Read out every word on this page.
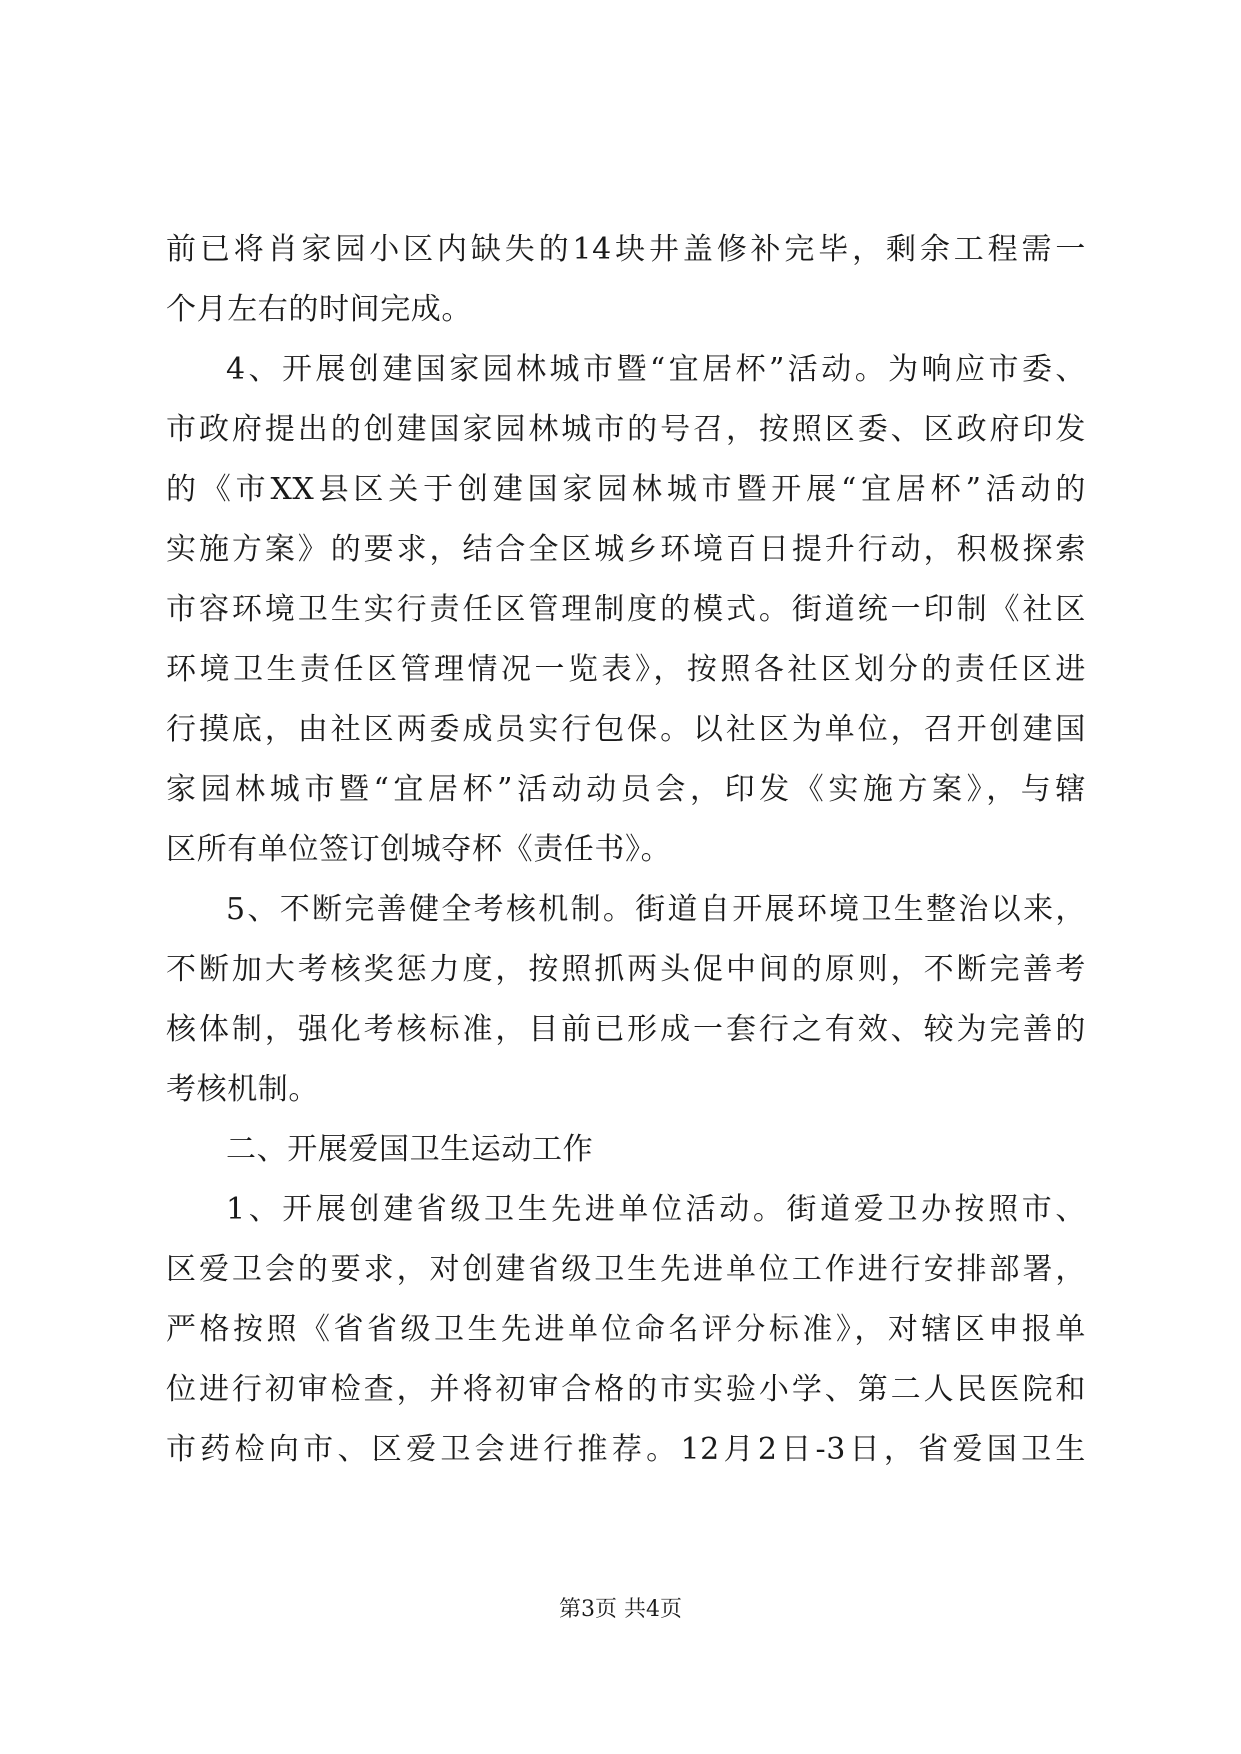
前已将肖家园小区内缺失的14块井盖修补完毕，剩余工程需一
个月左右的时间完成。
4、开展创建国家园林城市暨“宜居杯”活动。为响应市委、
市政府提出的创建国家园林城市的号召，按照区委、区政府印发
的《市XX县区关于创建国家园林城市暨开展“宜居杯”活动的
实施方案》的要求，结合全区城乡环境百日提升行动，积极探索
市容环境卫生实行责任区管理制度的模式。街道统一印制《社区
环境卫生责任区管理情况一览表》，按照各社区划分的责任区进
行摸底，由社区两委成员实行包保。以社区为单位，召开创建国
家园林城市暨“宜居杯”活动动员会，印发《实施方案》，与辖
区所有单位签订创城夺杯《责任书》。
5、不断完善健全考核机制。街道自开展环境卫生整治以来，
不断加大考核奖惩力度，按照抓两头促中间的原则，不断完善考
核体制，强化考核标准，目前已形成一套行之有效、较为完善的
考核机制。
二、开展爱国卫生运动工作
1、开展创建省级卫生先进单位活动。街道爱卫办按照市、
区爱卫会的要求，对创建省级卫生先进单位工作进行安排部署，
严格按照《省省级卫生先进单位命名评分标准》，对辖区申报单
位进行初审检查，并将初审合格的市实验小学、第二人民医院和
市药检向市、区爱卫会进行推荐。12月2日-3日，省爱国卫生
第3页 共4页
